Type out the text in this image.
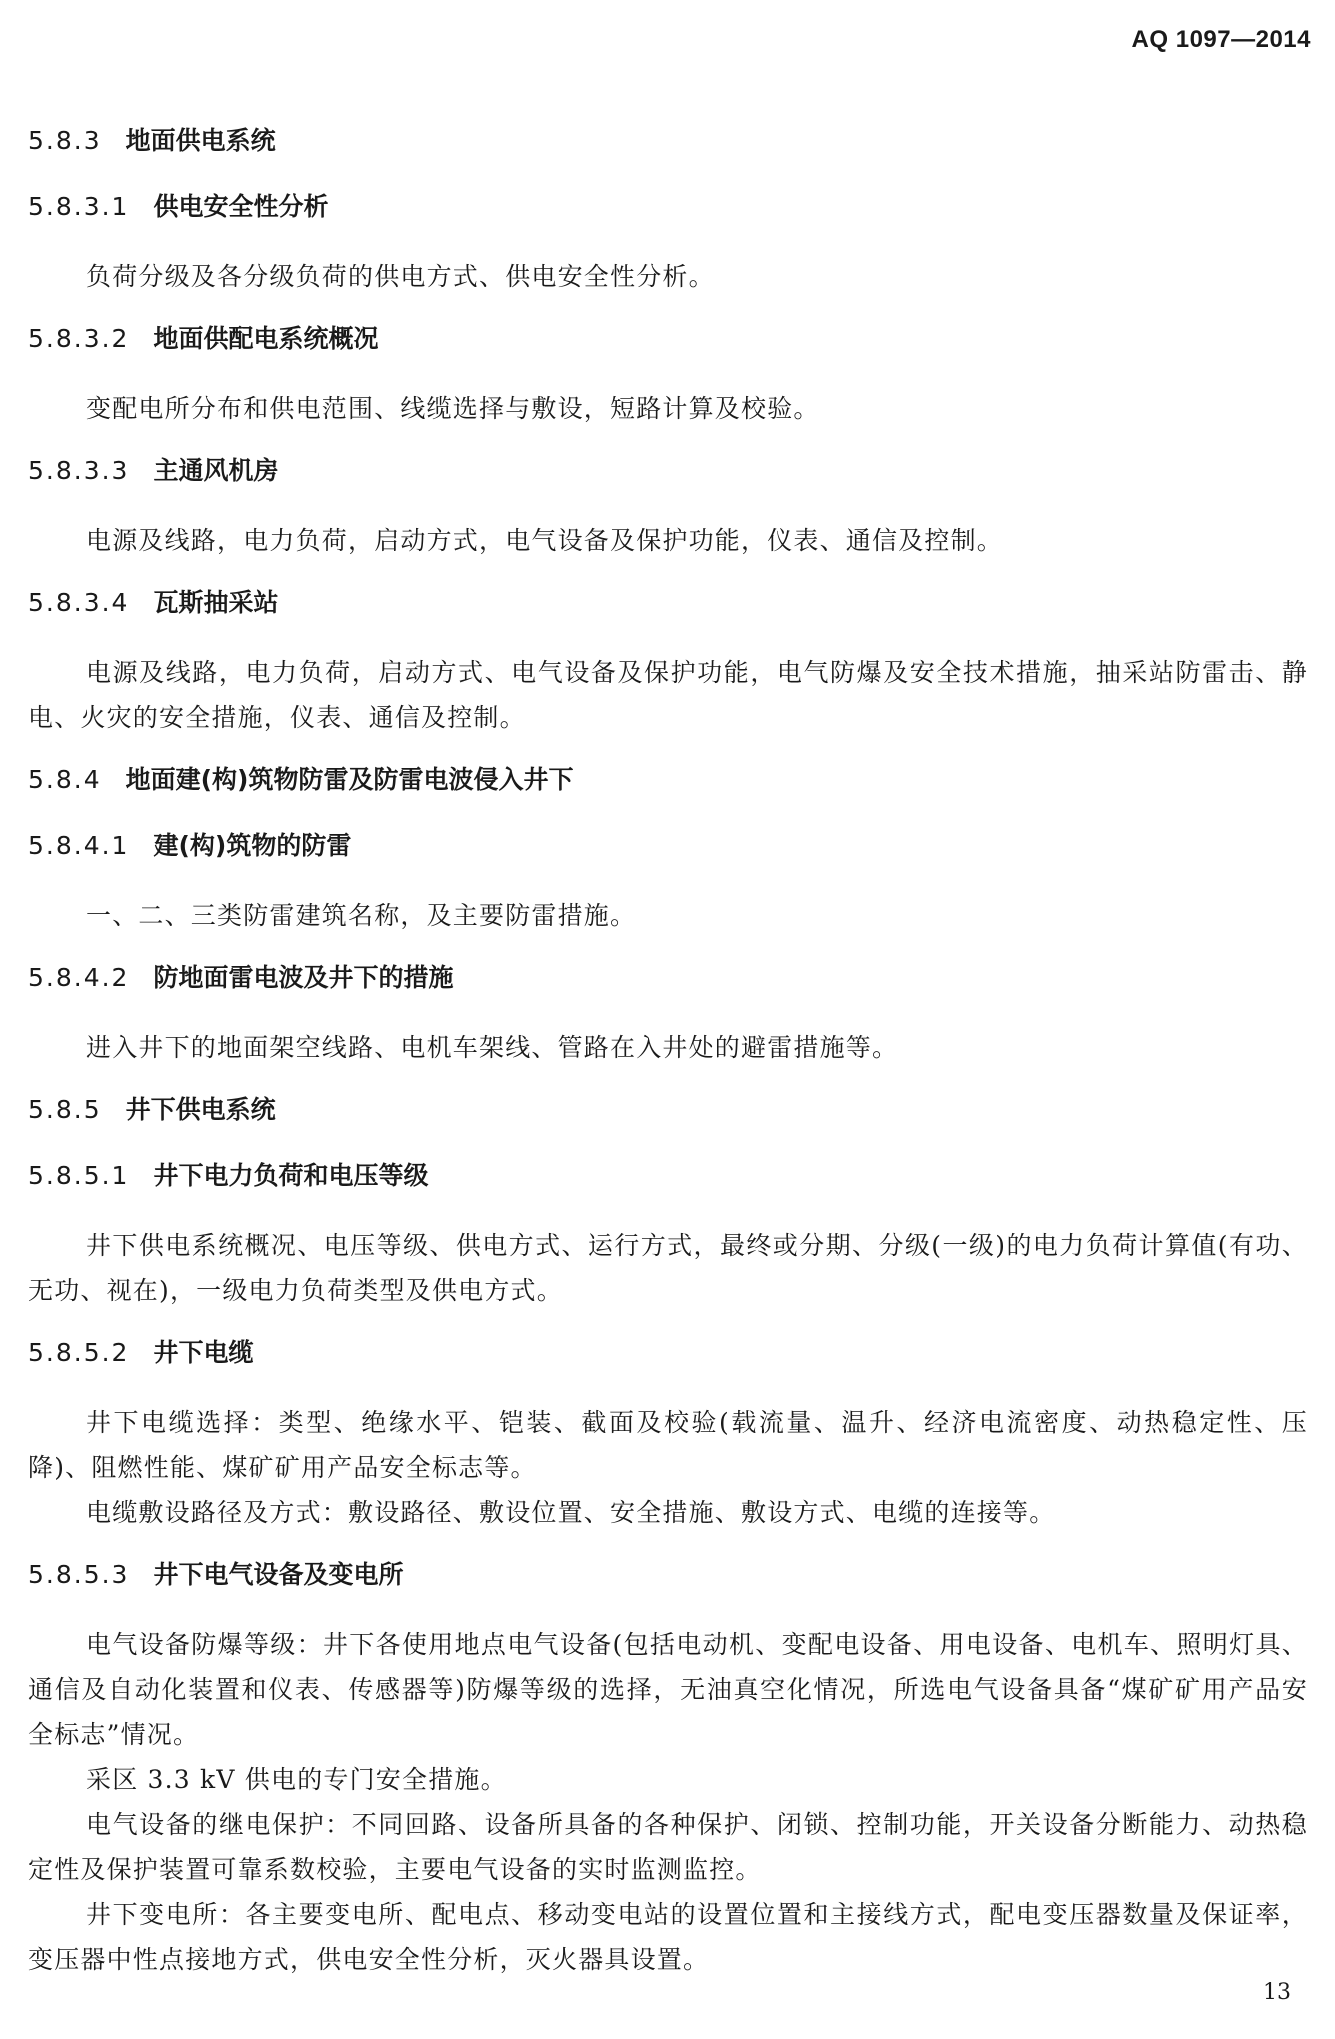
AQ 1097—2014
5.8.3 地面供电系统
5.8.3.1 供电安全性分析

负荷分级及各分级负荷的供电方式、供电安全性分析。

5.8.3.2 地面供配电系统概况

变配电所分布和供电范围、线缆选择与敷设，短路计算及校验。

5.8.3.3 主通风机房

电源及线路，电力负荷，启动方式，电气设备及保护功能，仪表、通信及控制。

5.8.3.4 瓦斯抽采站

电源及线路，电力负荷，启动方式、电气设备及保护功能，电气防爆及安全技术措施，抽采站防雷击、静电、火灾的安全措施，仪表、通信及控制。

5.8.4 地面建(构)筑物防雷及防雷电波侵入井下
5.8.4.1 建(构)筑物的防雷

一、二、三类防雷建筑名称，及主要防雷措施。

5.8.4.2 防地面雷电波及井下的措施

进入井下的地面架空线路、电机车架线、管路在入井处的避雷措施等。

5.8.5 井下供电系统
5.8.5.1 井下电力负荷和电压等级

井下供电系统概况、电压等级、供电方式、运行方式，最终或分期、分级(一级)的电力负荷计算值(有功、无功、视在)，一级电力负荷类型及供电方式。

5.8.5.2 井下电缆

井下电缆选择：类型、绝缘水平、铠装、截面及校验(载流量、温升、经济电流密度、动热稳定性、压降)、阻燃性能、煤矿矿用产品安全标志等。

电缆敷设路径及方式：敷设路径、敷设位置、安全措施、敷设方式、电缆的连接等。

5.8.5.3 井下电气设备及变电所

电气设备防爆等级：井下各使用地点电气设备(包括电动机、变配电设备、用电设备、电机车、照明灯具、通信及自动化装置和仪表、传感器等)防爆等级的选择，无油真空化情况，所选电气设备具备“煤矿矿用产品安全标志”情况。

采区 3.3 kV 供电的专门安全措施。

电气设备的继电保护：不同回路、设备所具备的各种保护、闭锁、控制功能，开关设备分断能力、动热稳定性及保护装置可靠系数校验，主要电气设备的实时监测监控。

井下变电所：各主要变电所、配电点、移动变电站的设置位置和主接线方式，配电变压器数量及保证率，变压器中性点接地方式，供电安全性分析，灭火器具设置。

13
